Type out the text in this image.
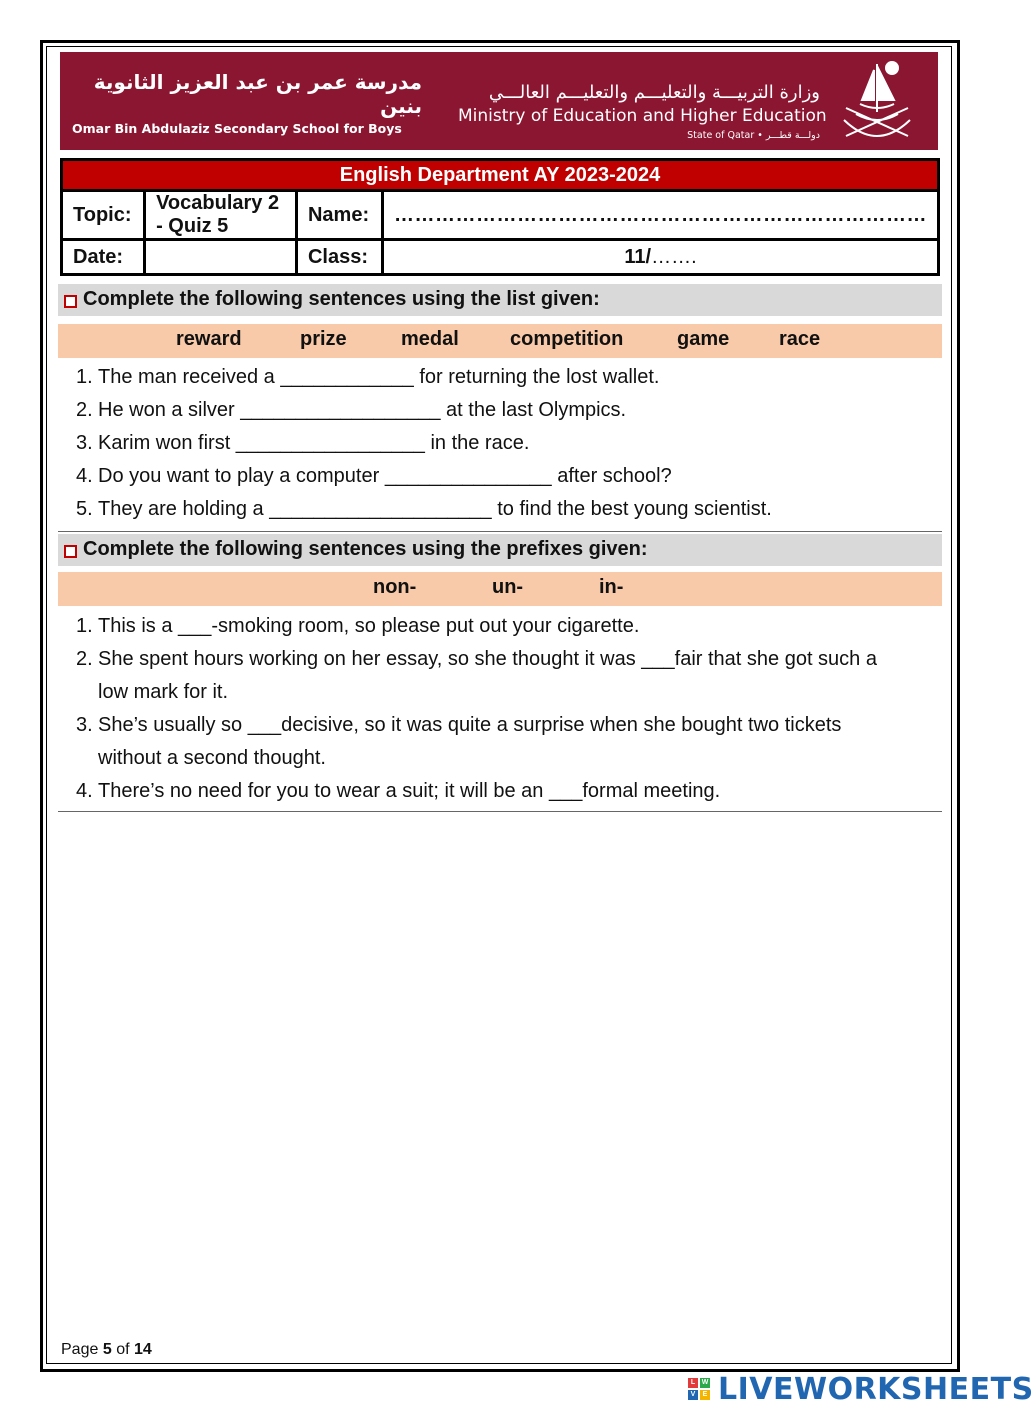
مدرسة عمر بن عبد العزيز الثانوية بنين
Omar Bin Abdulaziz Secondary School for Boys
وزارة التربيـــة والتعليـــم والتعليـــم العالـــي
Ministry of Education and Higher Education
State of Qatar • دولـــة قطـــر
English Department AY 2023-2024			
Topic:	Vocabulary 2 - Quiz 5	Name:	……………………………………………………………………
Date:		Class:	11/…….
Complete the following sentences using the list given:
reward	prize	medal	competition	game race
1. The man received a ____________ for returning the lost wallet.
2. He won a silver __________________ at the last Olympics.
3. Karim won first _________________ in the race.
4. Do you want to play a computer _______________ after school?
5. They are holding a ____________________ to find the best young scientist.
Complete the following sentences using the prefixes given:
non-	un-	in-
1. This is a ___-smoking room, so please put out your cigarette.
2. She spent hours working on her essay, so she thought it was ___fair that she got such a
low mark for it.
3. She’s usually so ___decisive, so it was quite a surprise when she bought two tickets
without a second thought.
4. There’s no need for you to wear a suit; it will be an ___formal meeting.
Page 5 of 14
L W
V	E LIVEWORKSHEETS
